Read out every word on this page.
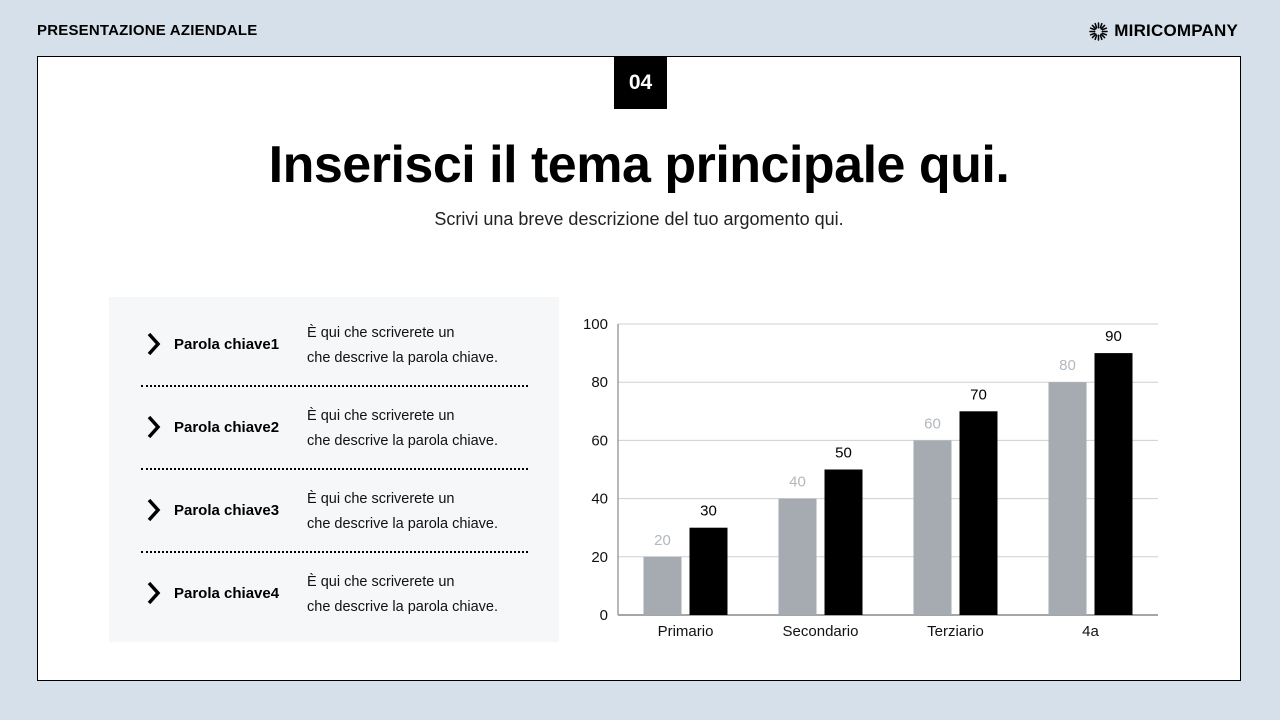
PRESENTAZIONE AZIENDALE	MIRICOMPANY
04
Inserisci il tema principale qui.
Scrivi una breve descrizione del tuo argomento qui.
Parola chiave1
È qui che scriverete un
che descrive la parola chiave.
Parola chiave2
È qui che scriverete un
che descrive la parola chiave.
Parola chiave3
È qui che scriverete un
che descrive la parola chiave.
Parola chiave4
È qui che scriverete un
che descrive la parola chiave.
0
20
40
60
80
100
20
30
Primario
40
50
Secondario
60
70
Terziario
80
90
4a
